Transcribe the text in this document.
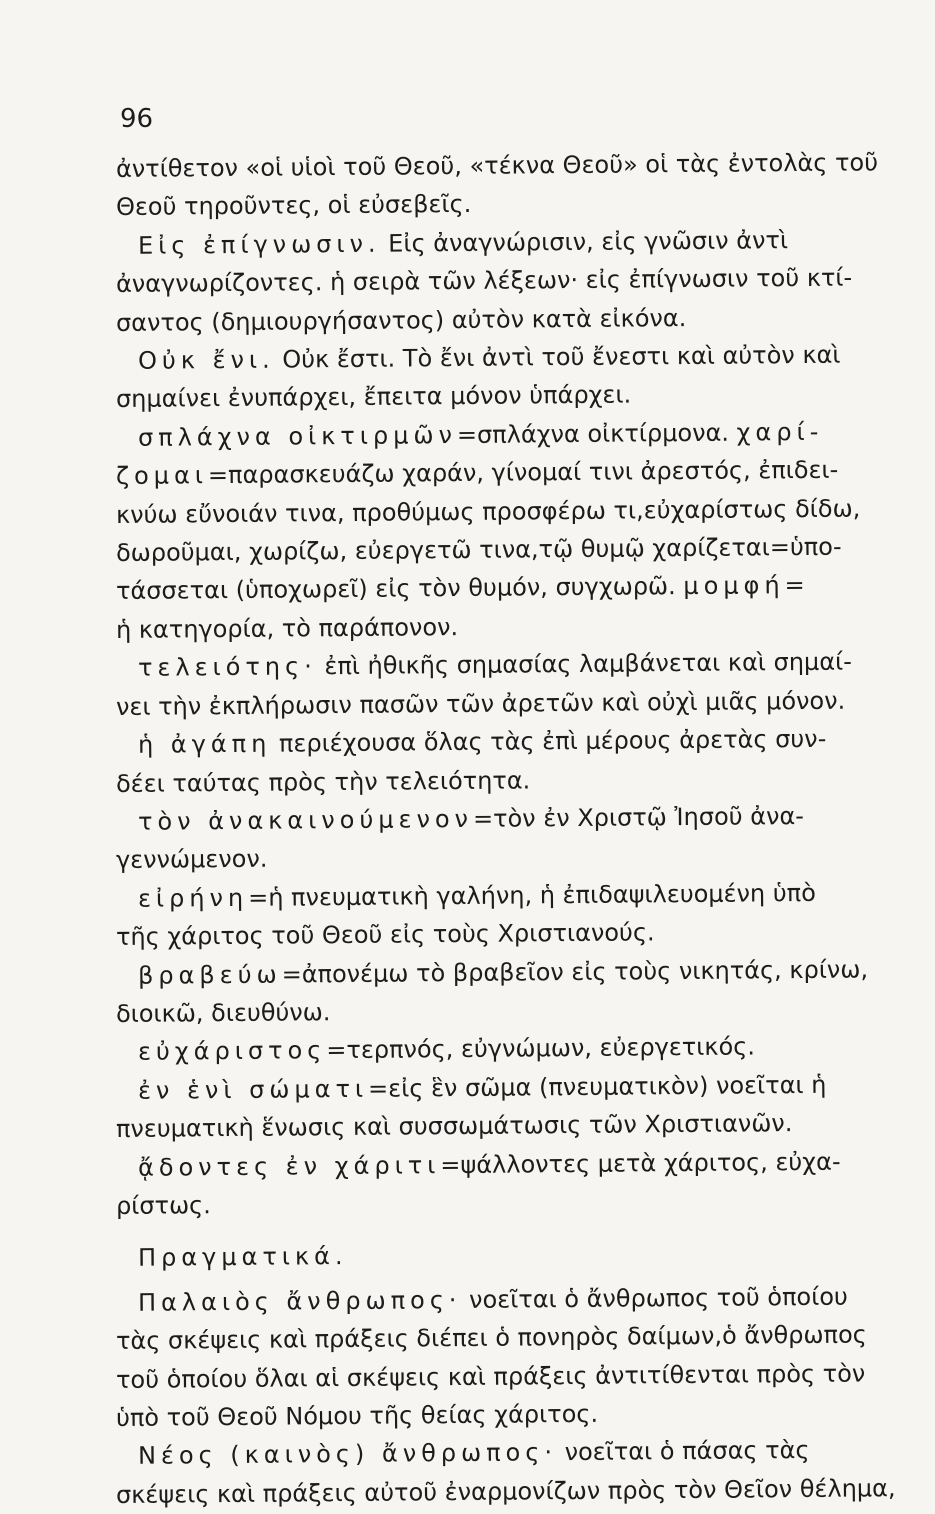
96
ἀντίθετον «οἱ υἱοὶ τοῦ Θεοῦ, «τέκνα Θεοῦ» οἱ τὰς ἐντολὰς τοῦ
Θεοῦ τηροῦντες, οἱ εὐσεβεῖς.
Εἰς ἐπίγνωσιν. Εἰς ἀναγνώρισιν, εἰς γνῶσιν ἀντὶ
ἀναγνωρίζοντες. ἡ σειρὰ τῶν λέξεων· εἰς ἐπίγνωσιν τοῦ κτί-
σαντος (δημιουργήσαντος) αὐτὸν κατὰ εἰκόνα.
Οὐκ ἔνι. Οὐκ ἔστι. Τὸ ἔνι ἀντὶ τοῦ ἔνεστι καὶ αὐτὸν καὶ
σημαίνει ἐνυπάρχει, ἔπειτα μόνον ὑπάρχει.
σπλάχνα οἰκτιρμῶν=σπλάχνα οἰκτίρμονα. χαρί-
ζομαι=παρασκευάζω χαράν, γίνομαί τινι ἀρεστός, ἐπιδει-
κνύω εὔνοιάν τινα, προθύμως προσφέρω τι,εὐχαρίστως δίδω,
δωροῦμαι, χωρίζω, εὐεργετῶ τινα,τῷ θυμῷ χαρίζεται=ὑπο-
τάσσεται (ὑποχωρεῖ) εἰς τὸν θυμόν, συγχωρῶ. μομφή=
ἡ κατηγορία, τὸ παράπονον.
τελειότης· ἐπὶ ἠθικῆς σημασίας λαμβάνεται καὶ σημαί-
νει τὴν ἐκπλήρωσιν πασῶν τῶν ἀρετῶν καὶ οὐχὶ μιᾶς μόνον.
ἡ ἀγάπη περιέχουσα ὅλας τὰς ἐπὶ μέρους ἀρετὰς συν-
δέει ταύτας πρὸς τὴν τελειότητα.
τὸν ἀνακαινούμενον=τὸν ἐν Χριστῷ Ἰησοῦ ἀνα-
γεννώμενον.
εἰρήνη=ἡ πνευματικὴ γαλήνη, ἡ ἐπιδαψιλευομένη ὑπὸ
τῆς χάριτος τοῦ Θεοῦ εἰς τοὺς Χριστιανούς.
βραβεύω=ἀπονέμω τὸ βραβεῖον εἰς τοὺς νικητάς, κρίνω,
διοικῶ, διευθύνω.
εὐχάριστος=τερπνός, εὐγνώμων, εὐεργετικός.
ἐν ἑνὶ σώματι=εἰς ἓν σῶμα (πνευματικὸν) νοεῖται ἡ
πνευματικὴ ἕνωσις καὶ συσσωμάτωσις τῶν Χριστιανῶν.
ᾄδοντες ἐν χάριτι=ψάλλοντες μετὰ χάριτος, εὐχα-
ρίστως.
Πραγματικά.
Παλαιὸς ἄνθρωπος· νοεῖται ὁ ἄνθρωπος τοῦ ὁποίου
τὰς σκέψεις καὶ πράξεις διέπει ὁ πονηρὸς δαίμων,ὁ ἄνθρωπος
τοῦ ὁποίου ὅλαι αἱ σκέψεις καὶ πράξεις ἀντιτίθενται πρὸς τὸν
ὑπὸ τοῦ Θεοῦ Νόμου τῆς θείας χάριτος.
Νέος (καινὸς) ἄνθρωπος· νοεῖται ὁ πάσας τὰς
σκέψεις καὶ πράξεις αὐτοῦ ἐναρμονίζων πρὸς τὸν Θεῖον θέλημα,
